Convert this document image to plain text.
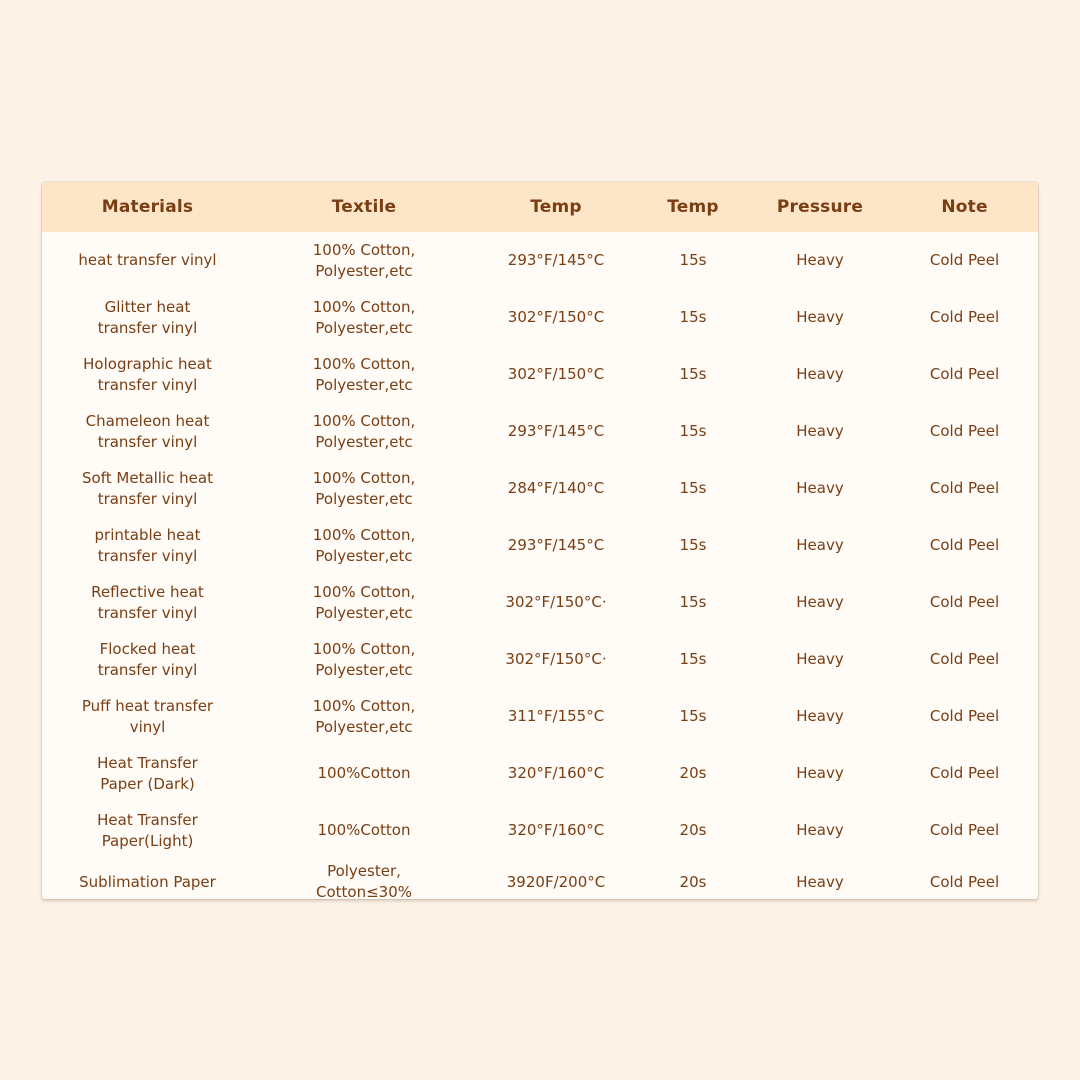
Materials	Textile	Temp	Temp	Pressure	Note
heat transfer vinyl	100% Cotton, Polyester,etc	293°F/145°C	15s	Heavy	Cold Peel
Glitter heat transfer vinyl	100% Cotton, Polyester,etc	302°F/150°C	15s	Heavy	Cold Peel
Holographic heat transfer vinyl	100% Cotton, Polyester,etc	302°F/150°C	15s	Heavy	Cold Peel
Chameleon heat transfer vinyl	100% Cotton, Polyester,etc	293°F/145°C	15s	Heavy	Cold Peel
Soft Metallic heat transfer vinyl	100% Cotton, Polyester,etc	284°F/140°C	15s	Heavy	Cold Peel
printable heat transfer vinyl	100% Cotton, Polyester,etc	293°F/145°C	15s	Heavy	Cold Peel
Reflective heat transfer vinyl	100% Cotton, Polyester,etc	302°F/150°C·	15s	Heavy	Cold Peel
Flocked heat transfer vinyl	100% Cotton, Polyester,etc	302°F/150°C·	15s	Heavy	Cold Peel
Puff heat transfer vinyl	100% Cotton, Polyester,etc	311°F/155°C	15s	Heavy	Cold Peel
Heat Transfer Paper (Dark)	100%Cotton	320°F/160°C	20s	Heavy	Cold Peel
Heat Transfer Paper(Light)	100%Cotton	320°F/160°C	20s	Heavy	Cold Peel
Sublimation Paper	Polyester, Cotton≤30%	3920F/200°C	20s	Heavy	Cold Peel
